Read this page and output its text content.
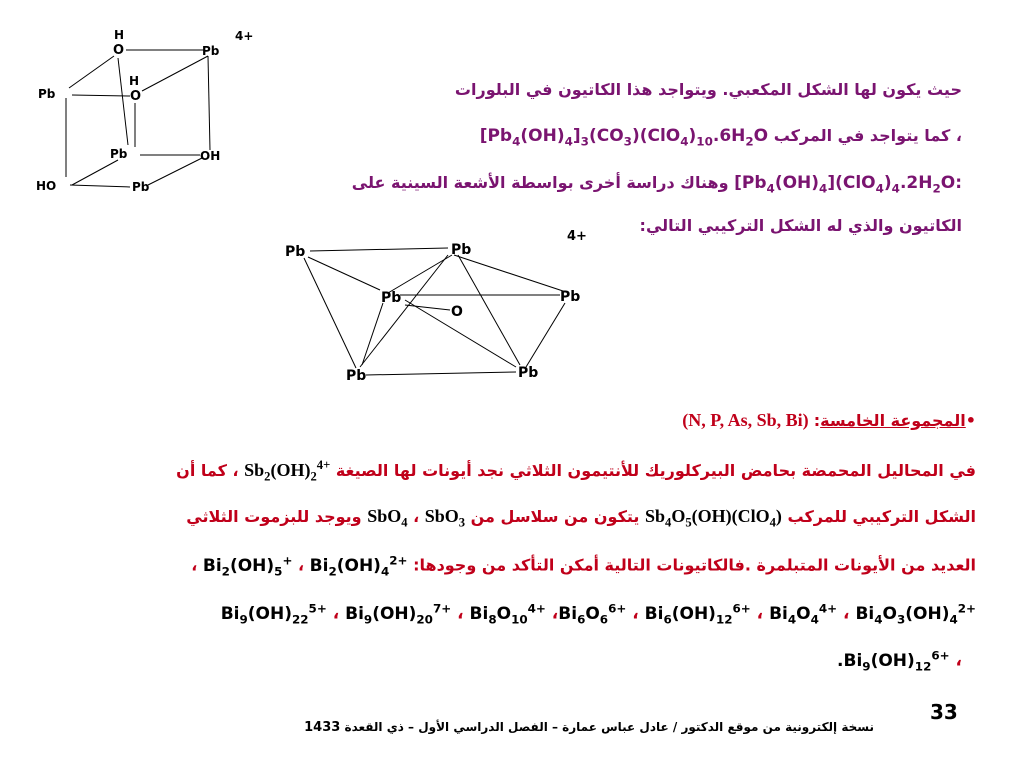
H
O	Pb
4+
Pb
H
O
Pb	OH
HO	Pb
حيث يكون لها الشكل المكعبي. ويتواجد هذا الكاتيون في البلورات
، كما يتواجد في المركب $[Pb_4(OH)_4]_3(CO_3)(ClO_4)_{10}.6H_2O$
$[Pb_4(OH)_4](ClO_4)_4.2H_2O$: وهناك دراسة أخرى بواسطة الأشعة السينية على
الكاتيون والذي له الشكل التركيبي التالي:
Pb	Pb
4+
Pb	Pb
O
Pb	Pb
•المجموعة الخامسة: (N, P, As, Sb, Bi)
في المحاليل المحمضة بحامض البيركلوريك للأنتيمون الثلاثي نجد أيونات لها الصيغة $Sb_2(OH)_2^{4+}$ ، كما أن
الشكل التركيبي للمركب $Sb_4O_5(OH)(ClO_4)$ يتكون من سلاسل من SbO$_3$ ، SbO$_4$ ويوجد للبزموت الثلاثي
العديد من الأيونات المتبلمرة .فالكاتيونات التالية أمكن التأكد من وجودها: $Bi_2(OH)_4^{2+}$ ، $Bi_2(OH)_5^+$ ،
$Bi_9(OH)_{22}^{5+}$ ، $Bi_9(OH)_{20}^{7+}$ ، $Bi_8O_{10}^{4+}$ $،Bi_6O_6^{6+}$ ، $Bi_6(OH)_{12}^{6+}$ ، $Bi_4O_4^{4+}$ ، $Bi_4O_3(OH)_4^{2+}$
$.Bi_9(OH)_{12}^{6+}$ ،
33
نسخة إلكترونية من موقع الدكتور / عادل عباس عمارة – الفصل الدراسي الأول – ذي القعدة 1433
